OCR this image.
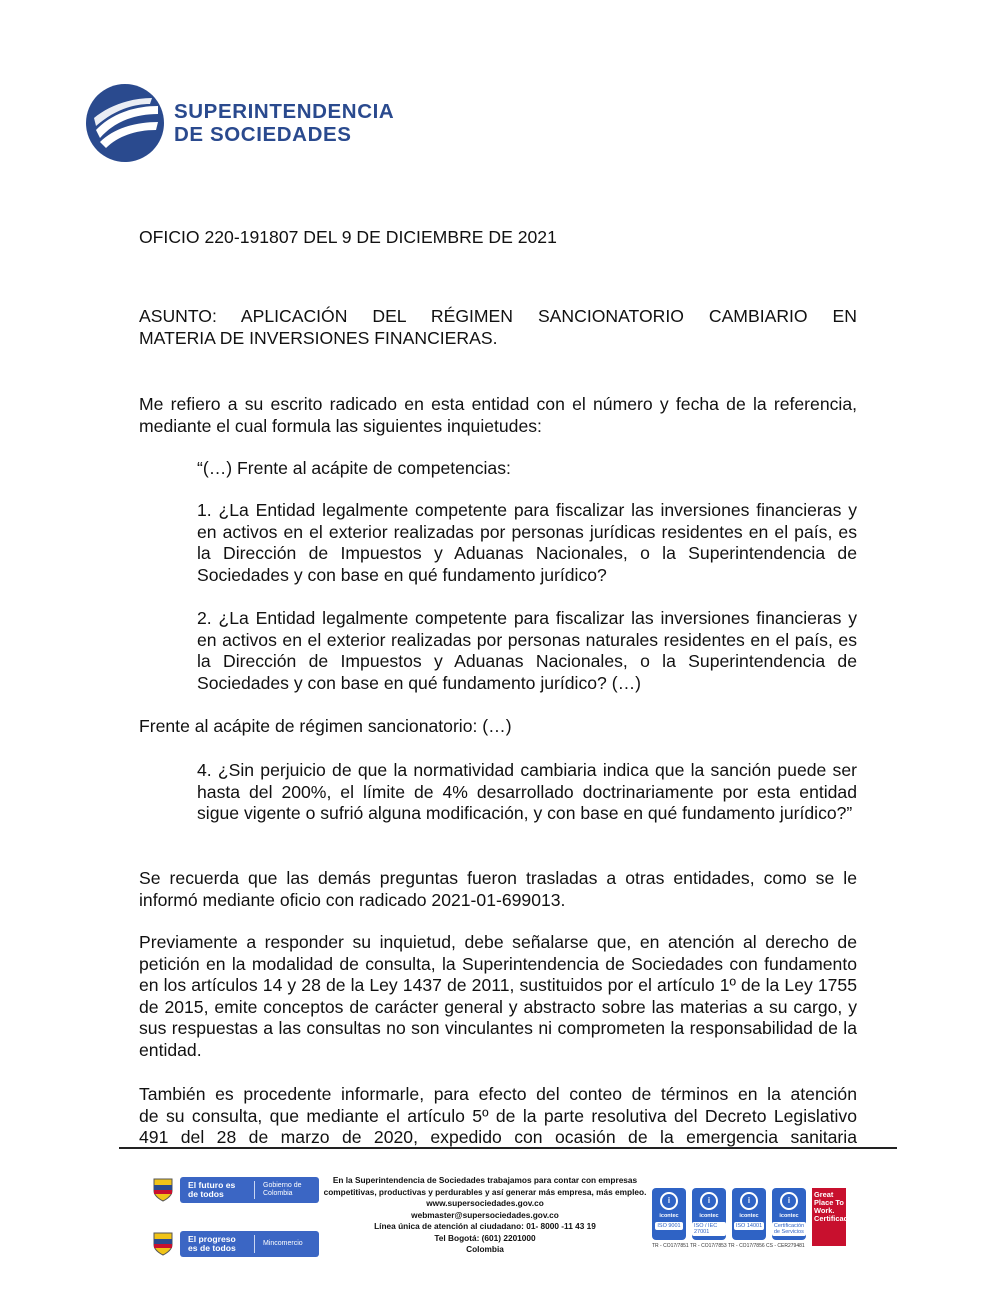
SUPERINTENDENCIA
DE SOCIEDADES
OFICIO 220-191807 DEL 9 DE DICIEMBRE DE 2021
ASUNTO: APLICACIÓN DEL RÉGIMEN SANCIONATORIO CAMBIARIO EN
MATERIA DE INVERSIONES FINANCIERAS.
Me refiero a su escrito radicado en esta entidad con el número y fecha de la referencia, mediante el cual formula las siguientes inquietudes:
“(…) Frente al acápite de competencias:
1. ¿La Entidad legalmente competente para fiscalizar las inversiones financieras y en activos en el exterior realizadas por personas jurídicas residentes en el país, es la Dirección de Impuestos y Aduanas Nacionales, o la Superintendencia de Sociedades y con base en qué fundamento jurídico?
2. ¿La Entidad legalmente competente para fiscalizar las inversiones financieras y en activos en el exterior realizadas por personas naturales residentes en el país, es la Dirección de Impuestos y Aduanas Nacionales, o la Superintendencia de Sociedades y con base en qué fundamento jurídico? (…)
Frente al acápite de régimen sancionatorio: (…)
4. ¿Sin perjuicio de que la normatividad cambiaria indica que la sanción puede ser hasta del 200%, el límite de 4% desarrollado doctrinariamente por esta entidad sigue vigente o sufrió alguna modificación, y con base en qué fundamento jurídico?”
Se recuerda que las demás preguntas fueron trasladas a otras entidades, como se le informó mediante oficio con radicado 2021-01-699013.
Previamente a responder su inquietud, debe señalarse que, en atención al derecho de petición en la modalidad de consulta, la Superintendencia de Sociedades con fundamento en los artículos 14 y 28 de la Ley 1437 de 2011, sustituidos por el artículo 1º de la Ley 1755 de 2015, emite conceptos de carácter general y abstracto sobre las materias a su cargo, y sus respuestas a las consultas no son vinculantes ni comprometen la responsabilidad de la entidad.
También es procedente informarle, para efecto del conteo de términos en la atención
de su consulta, que mediante el artículo 5º de la parte resolutiva del Decreto Legislativo
491 del 28 de marzo de 2020, expedido con ocasión de la emergencia sanitaria
El futuro es de todos
Gobierno de Colombia
El progreso es de todos	Mincomercio
En la Superintendencia de Sociedades trabajamos para contar con empresas
competitivas, productivas y perdurables y así generar más empresa, más empleo.
www.supersociedades.gov.co
webmaster@supersociedades.gov.co
Línea única de atención al ciudadano: 01- 8000 -11 43 19
Tel Bogotá: (601) 2201000
Colombia
i
icontec
ISO 9001
i
icontec
ISO / IEC 27001
i
icontec
ISO 14001
i
icontec
Certificación de Servicios
Great Place To Work. Certificado
TR - CO17/7851 TR - CO17/7853 TR - CO17/7856 CS - CER279481
